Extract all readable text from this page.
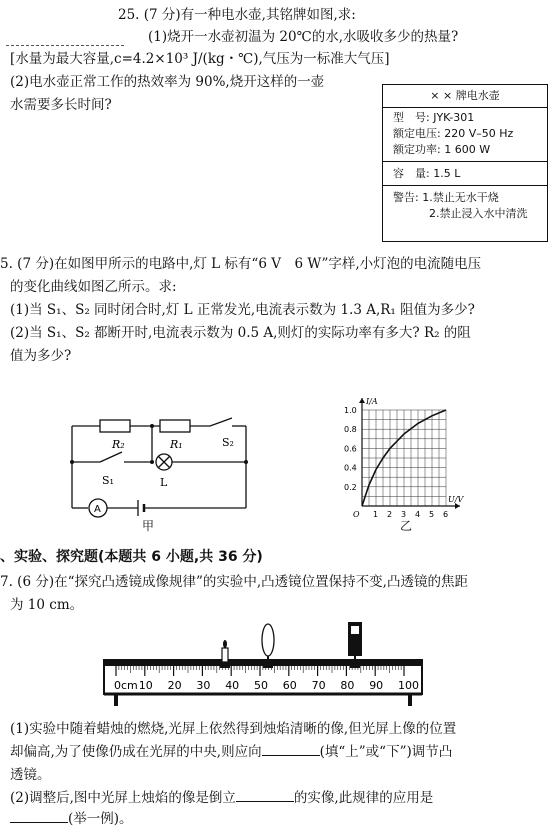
25. (7 分)有一种电水壶,其铭牌如图,求:
(1)烧开一水壶初温为 20℃的水,水吸收多少的热量?
[水量为最大容量,c=4.2×10³ J/(kg・℃),气压为一标准大气压]
(2)电水壶正常工作的热效率为 90%,烧开这样的一壶
水需要多长时间?
× × 牌电水壶
型　号: JYK-301
额定电压: 220 V–50 Hz
额定功率: 1 600 W
容　量: 1.5 L
警告: 1.禁止无水干烧
2.禁止浸入水中清洗
5. (7 分)在如图甲所示的电路中,灯 L 标有“6 V　6 W”字样,小灯泡的电流随电压
的变化曲线如图乙所示。求:
(1)当 S₁、S₂ 同时闭合时,灯 L 正常发光,电流表示数为 1.3 A,R₁ 阻值为多少?
(2)当 S₁、S₂ 都断开时,电流表示数为 0.5 A,则灯的实际功率有多大? R₂ 的阻
值为多少?
R₂	R₁	S₂
S₁	L
A
甲
1 2 3 4 5 6
0.2
0.4
0.6
0.8
1.0
O
U/V
I/A
乙
、实验、探究题(本题共 6 小题,共 36 分)
7. (6 分)在“探究凸透镜成像规律”的实验中,凸透镜位置保持不变,凸透镜的焦距
为 10 cm。
0cm 10 20 30 40 50 60 70 80 90 100
(1)实验中随着蜡烛的燃烧,光屏上依然得到烛焰清晰的像,但光屏上像的位置
却偏高,为了使像仍成在光屏的中央,则应向	(填“上”或“下”)调节凸
透镜。
(2)调整后,图中光屏上烛焰的像是倒立	的实像,此规律的应用是
(举一例)。
